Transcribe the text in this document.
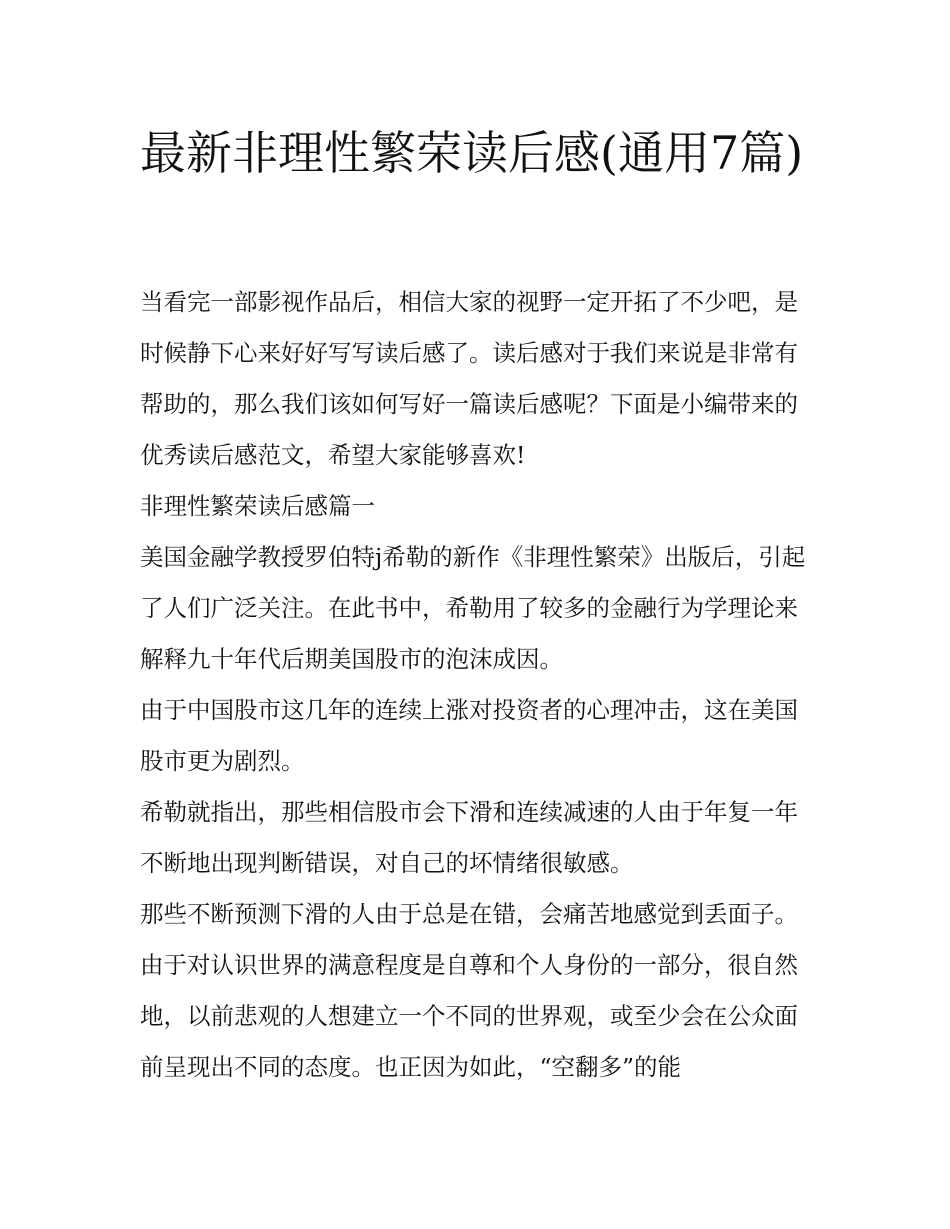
最新非理性繁荣读后感(通用7篇)

当看完一部影视作品后，相信大家的视野一定开拓了不少吧，是时候静下心来好好写写读后感了。读后感对于我们来说是非常有帮助的，那么我们该如何写好一篇读后感呢？下面是小编带来的优秀读后感范文，希望大家能够喜欢!

非理性繁荣读后感篇一

美国金融学教授罗伯特j希勒的新作《非理性繁荣》出版后，引起了人们广泛关注。在此书中，希勒用了较多的金融行为学理论来解释九十年代后期美国股市的泡沫成因。

由于中国股市这几年的连续上涨对投资者的心理冲击，这在美国股市更为剧烈。

希勒就指出，那些相信股市会下滑和连续减速的人由于年复一年不断地出现判断错误，对自己的坏情绪很敏感。

那些不断预测下滑的人由于总是在错，会痛苦地感觉到丢面子。由于对认识世界的满意程度是自尊和个人身份的一部分，很自然地，以前悲观的人想建立一个不同的世界观，或至少会在公众面前呈现出不同的态度。也正因为如此，“空翻多”的能
